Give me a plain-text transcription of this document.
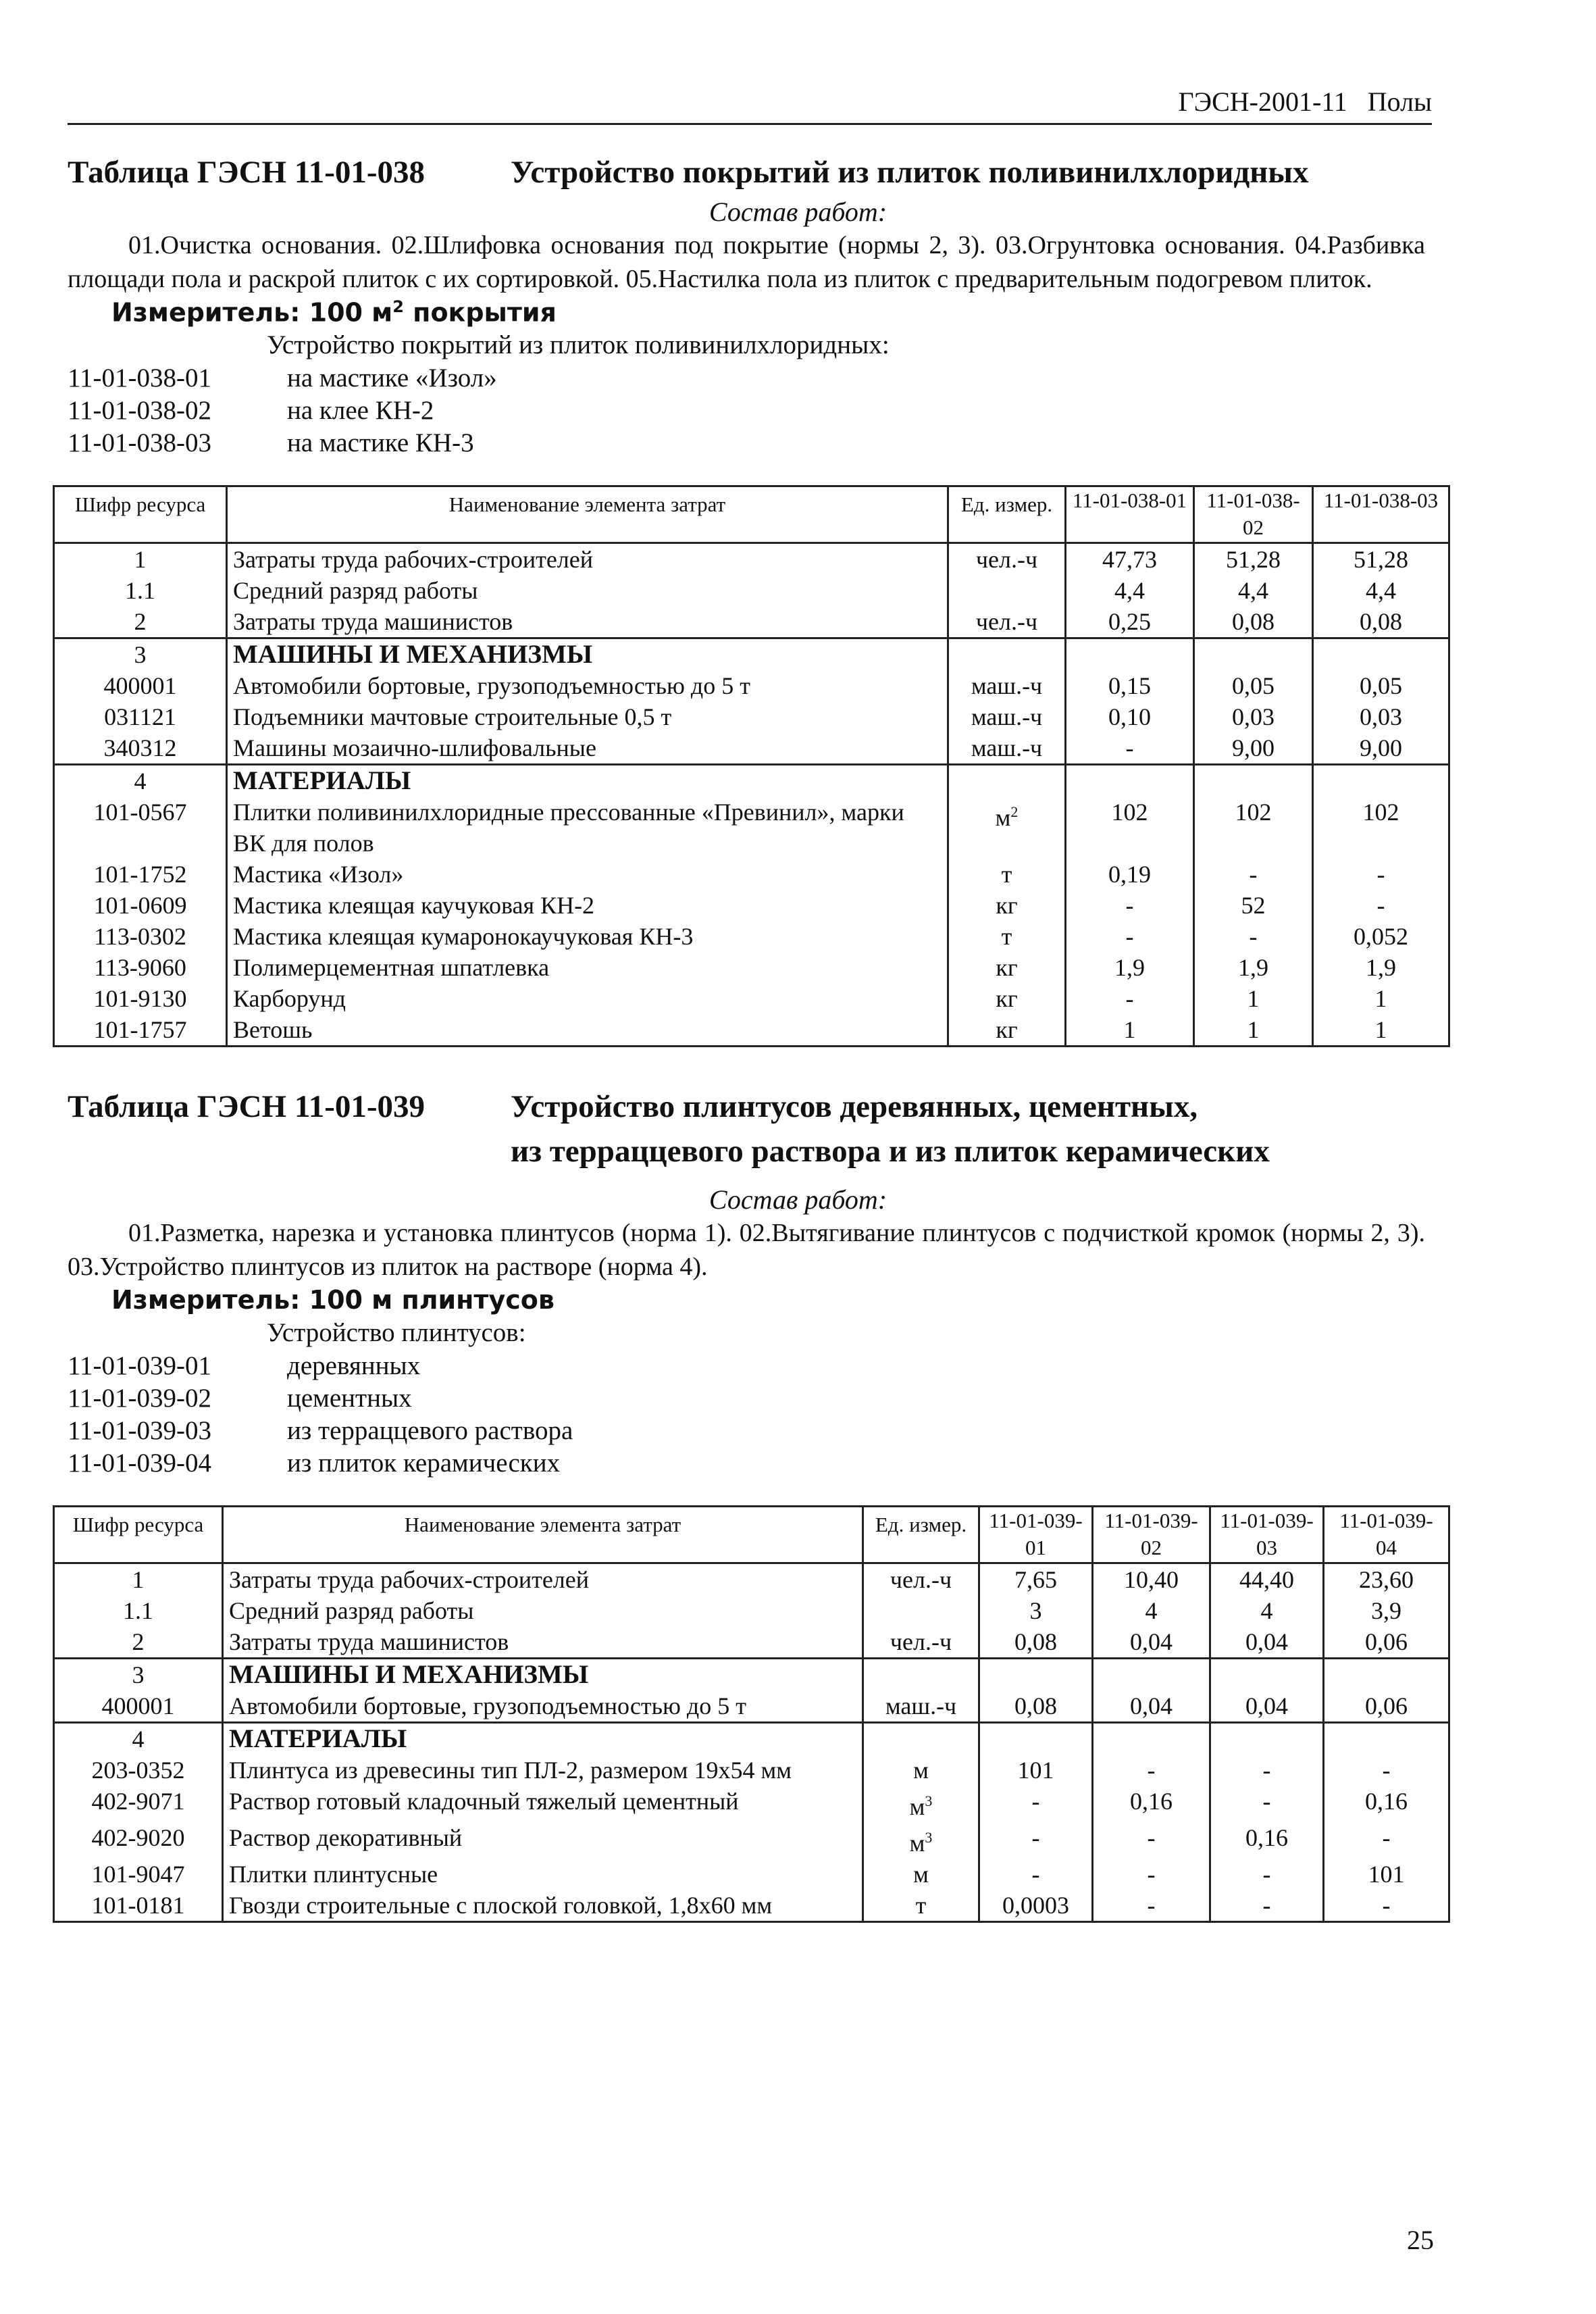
ГЭСН-2001-11 Полы
Таблица ГЭСН 11-01-038	Устройство покрытий из плиток поливинилхлоридных
Состав работ:
01.Очистка основания. 02.Шлифовка основания под покрытие (нормы 2, 3). 03.Огрунтовка основания. 04.Разбивка площади пола и раскрой плиток с их сортировкой. 05.Настилка пола из плиток с предварительным подогревом плиток.
Измеритель: 100 $м^2$ покрытия
Устройство покрытий из плиток поливинилхлоридных:
11-01-038-01	на мастике «Изол»
11-01-038-02	на клее КН-2
11-01-038-03	на мастике КН-3
Шифр ресурса	Наименование элемента затрат	Ед. измер.	11-01-038-01	11-01-038-02	11-01-038-03
1	Затраты труда рабочих-строителей	чел.-ч	47,73	51,28	51,28
1.1	Средний разряд работы		4,4	4,4	4,4
2	Затраты труда машинистов	чел.-ч	0,25	0,08	0,08
3	МАШИНЫ И МЕХАНИЗМЫ				
400001	Автомобили бортовые, грузоподъемностью до 5 т	маш.-ч	0,15	0,05	0,05
031121	Подъемники мачтовые строительные 0,5 т	маш.-ч	0,10	0,03	0,03
340312	Машины мозаично-шлифовальные	маш.-ч	-	9,00	9,00
4	МАТЕРИАЛЫ				
101-0567	Плитки поливинилхлоридные прессованные «Превинил», марки ВК для полов	$м^2$	102	102	102
101-1752	Мастика «Изол»	т	0,19	-	-
101-0609	Мастика клеящая каучуковая КН-2	кг	-	52	-
113-0302	Мастика клеящая кумаронокаучуковая КН-3	т	-	-	0,052
113-9060	Полимерцементная шпатлевка	кг	1,9	1,9	1,9
101-9130	Карборунд	кг	-	1	1
101-1757	Ветошь	кг	1	1	1
Таблица ГЭСН 11-01-039	Устройство плинтусов деревянных, цементных,
из терраццевого раствора и из плиток керамических
Состав работ:
01.Разметка, нарезка и установка плинтусов (норма 1). 02.Вытягивание плинтусов с подчисткой кромок (нормы 2, 3). 03.Устройство плинтусов из плиток на растворе (норма 4).
Измеритель: 100 м плинтусов
Устройство плинтусов:
11-01-039-01	деревянных
11-01-039-02	цементных
11-01-039-03	из терраццевого раствора
11-01-039-04	из плиток керамических
Шифр ресурса	Наименование элемента затрат	Ед. измер.	11-01-039-01	11-01-039-02	11-01-039-03	11-01-039-04
1	Затраты труда рабочих-строителей	чел.-ч	7,65	10,40	44,40	23,60
1.1	Средний разряд работы		3	4	4	3,9
2	Затраты труда машинистов	чел.-ч	0,08	0,04	0,04	0,06
3	МАШИНЫ И МЕХАНИЗМЫ					
400001	Автомобили бортовые, грузоподъемностью до 5 т	маш.-ч	0,08	0,04	0,04	0,06
4	МАТЕРИАЛЫ					
203-0352	Плинтуса из древесины тип ПЛ-2, размером 19х54 мм	м	101	-	-	-
402-9071	Раствор готовый кладочный тяжелый цементный	$м^3$	-	0,16	-	0,16
402-9020	Раствор декоративный	$м^3$	-	-	0,16	-
101-9047	Плитки плинтусные	м	-	-	-	101
101-0181	Гвозди строительные с плоской головкой, 1,8х60 мм	т	0,0003	-	-	-
25
